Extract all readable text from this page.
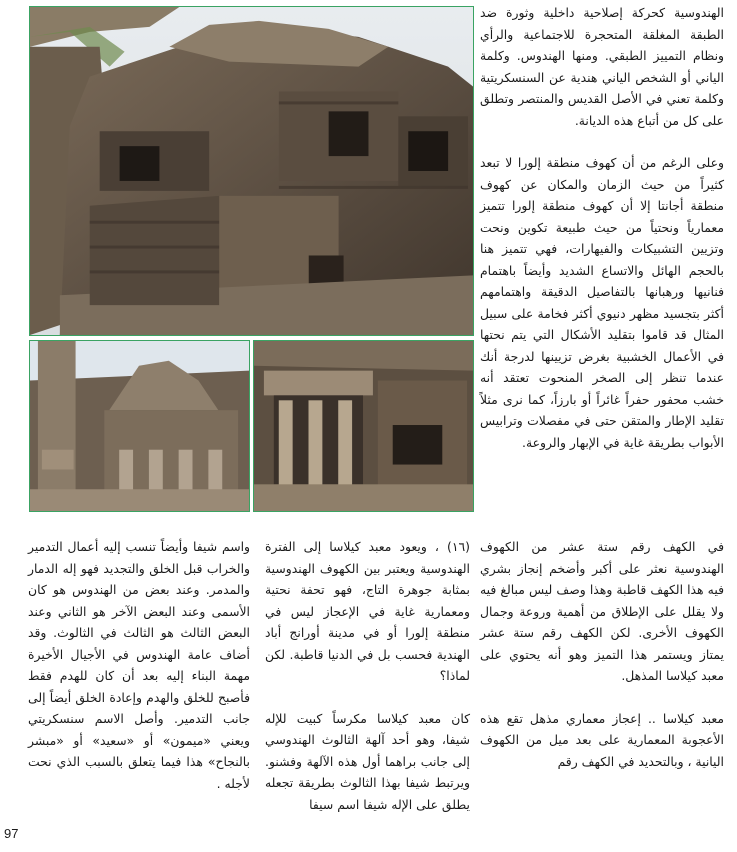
الهندوسية كحركة إصلاحية داخلية وثورة ضد الطبقة المغلقة المتحجرة للاجتماعية والرأي ونظام التمييز الطبقي. ومنها الهندوس. وكلمة الياني أو الشخص الياني هندية عن السنسكريتية وكلمة تعني في الأصل القديس والمنتصر وتطلق على كل من أتباع هذه الديانة.

وعلى الرغم من أن كهوف منطقة إلورا لا تبعد كثيراً من حيث الزمان والمكان عن كهوف منطقة أجانتا إلا أن كهوف منطقة إلورا تتميز معمارياً ونحتياً من حيث طبيعة تكوين ونحت وتزيين التشبيكات والفيهارات، فهي تتميز هنا بالحجم الهائل والاتساع الشديد وأيضاً باهتمام فنانيها ورهبانها بالتفاصيل الدقيقة واهتمامهم أكثر بتجسيد مظهر دنيوي أكثر فخامة على سبيل المثال قد قاموا بتقليد الأشكال التي يتم نحتها في الأعمال الخشبية بغرض تزيينها لدرجة أنك عندما تنظر إلى الصخر المنحوت تعتقد أنه خشب محفور حفراً غائراً أو بارزاً، كما نرى مثلاً تقليد الإطار والمتقن حتى في مفصلات وترابيس الأبواب بطريقة غاية في الإبهار والروعة.

في الكهف رقم ستة عشر من الكهوف الهندوسية نعثر على أكبر وأضخم إنجاز بشري فيه هذا الكهف قاطبة وهذا وصف ليس مبالغ فيه ولا يقلل على الإطلاق من أهمية وروعة وجمال الكهوف الأخرى. لكن الكهف رقم ستة عشر يمتاز ويستمر هذا التميز وهو أنه يحتوي على معبد كيلاسا المذهل.

معبد كيلاسا .. إعجاز معماري مذهل تقع هذه الأعجوبة المعمارية على بعد ميل من الكهوف اليانية ، وبالتحديد في الكهف رقم

(١٦) ، ويعود معبد كيلاسا إلى الفترة الهندوسية ويعتبر بين الكهوف الهندوسية بمثابة جوهرة التاج، فهو تحفة نحتية ومعمارية غاية في الإعجاز ليس في منطقة إلورا أو في مدينة أورانج أباد الهندية فحسب بل في الدنيا قاطبة. لكن لماذا؟

كان معبد كيلاسا مكرساً كبيت للإله شيفا، وهو أحد آلهة الثالوث الهندوسي إلى جانب براهما أول هذه الآلهة وفشنو. ويرتبط شيفا بهذا الثالوث بطريقة تجعله يطلق على الإله شيفا اسم سيفا

واسم شيفا وأيضاً تنسب إليه أعمال التدمير والخراب قبل الخلق والتجديد فهو إله الدمار والمدمر. وعند بعض من الهندوس هو كان الأسمى وعند البعض الآخر هو الثاني وعند البعض الثالث هو الثالث في الثالوث. وقد أضاف عامة الهندوس في الأجيال الأخيرة مهمة البناء إليه بعد أن كان للهدم فقط فأصبح للخلق والهدم وإعادة الخلق أيضاً إلى جانب التدمير. وأصل الاسم سنسكريتي ويعني «ميمون» أو «سعيد» أو «مبشر بالنجاح» هذا فيما يتعلق بالسبب الذي نحت لأجله .

97
